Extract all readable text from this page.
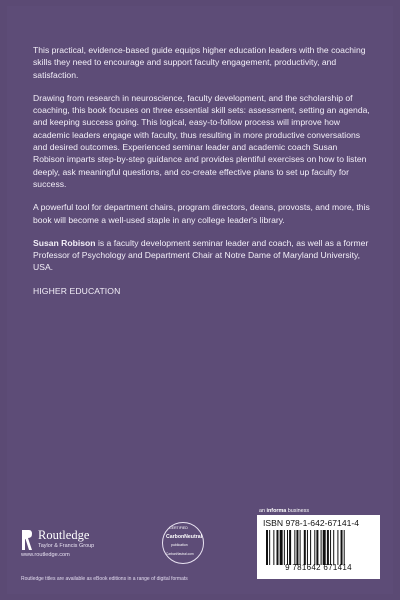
This practical, evidence-based guide equips higher education leaders with the coaching skills they need to encourage and support faculty engagement, productivity, and satisfaction.

Drawing from research in neuroscience, faculty development, and the scholarship of coaching, this book focuses on three essential skill sets: assessment, setting an agenda, and keeping success going. This logical, easy-to-follow process will improve how academic leaders engage with faculty, thus resulting in more productive conversations and desired outcomes. Experienced seminar leader and academic coach Susan Robison imparts step-by-step guidance and provides plentiful exercises on how to listen deeply, ask meaningful questions, and co-create effective plans to set up faculty for success.

A powerful tool for department chairs, program directors, deans, provosts, and more, this book will become a well-used staple in any college leader's library.

Susan Robison is a faculty development seminar leader and coach, as well as a former Professor of Psychology and Department Chair at Notre Dame of Maryland University, USA.

HIGHER EDUCATION

Routledge
Taylor & Francis Group
www.routledge.com
Routledge titles are available as eBook editions in a range of digital formats
CERTIFIED
CarbonNeutral
publication
CarbonNeutral.com
an informa business
ISBN 978-1-642-67141-4
9 781642 671414
